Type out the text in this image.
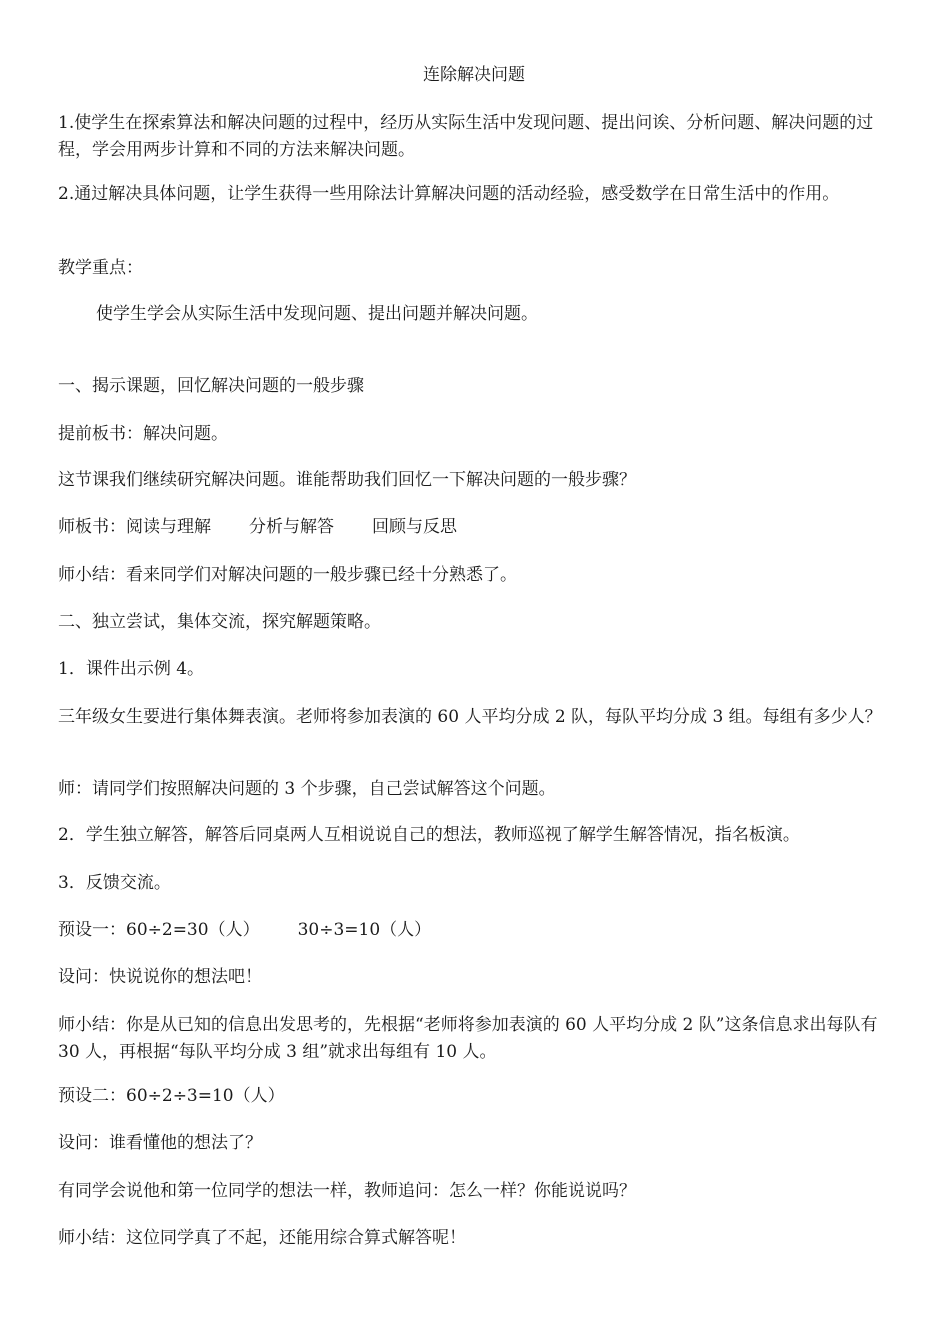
连除解决问题
1.使学生在探索算法和解决问题的过程中，经历从实际生活中发现问题、提出问诶、分析问题、解决问题的过程，学会用两步计算和不同的方法来解决问题。
2.通过解决具体问题，让学生获得一些用除法计算解决问题的活动经验，感受数学在日常生活中的作用。
教学重点：
使学生学会从实际生活中发现问题、提出问题并解决问题。
一、揭示课题，回忆解决问题的一般步骤
提前板书：解决问题。
这节课我们继续研究解决问题。谁能帮助我们回忆一下解决问题的一般步骤？
师板书：阅读与理解 分析与解答 回顾与反思
师小结：看来同学们对解决问题的一般步骤已经十分熟悉了。
二、独立尝试，集体交流，探究解题策略。
1．课件出示例 4。
三年级女生要进行集体舞表演。老师将参加表演的 60 人平均分成 2 队，每队平均分成 3 组。每组有多少人？
师：请同学们按照解决问题的 3 个步骤，自己尝试解答这个问题。
2．学生独立解答，解答后同桌两人互相说说自己的想法，教师巡视了解学生解答情况，指名板演。
3．反馈交流。
预设一：60÷2=30（人） 30÷3=10（人）
设问：快说说你的想法吧！
师小结：你是从已知的信息出发思考的，先根据“老师将参加表演的 60 人平均分成 2 队”这条信息求出每队有 30 人，再根据“每队平均分成 3 组”就求出每组有 10 人。
预设二：60÷2÷3=10（人）
设问：谁看懂他的想法了？
有同学会说他和第一位同学的想法一样，教师追问：怎么一样？你能说说吗？
师小结：这位同学真了不起，还能用综合算式解答呢！
